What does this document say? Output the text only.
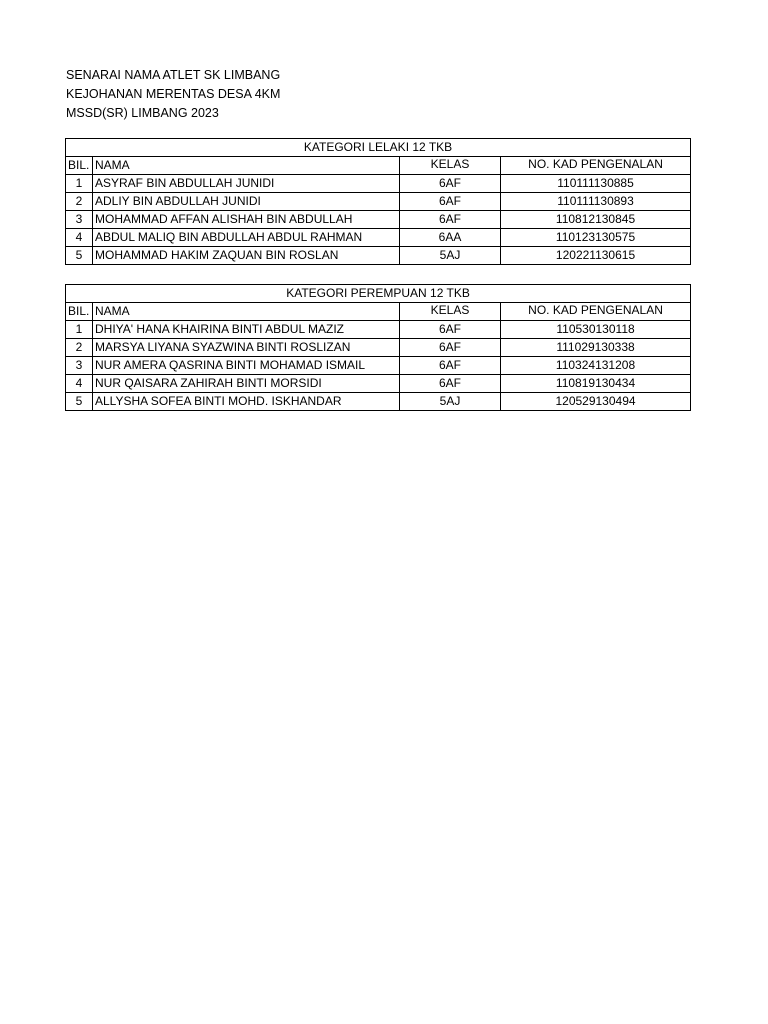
SENARAI NAMA ATLET SK LIMBANG
KEJOHANAN MERENTAS DESA 4KM
MSSD(SR) LIMBANG 2023
KATEGORI LELAKI 12 TKB			
BIL.	NAMA	KELAS	NO. KAD PENGENALAN
1	ASYRAF BIN ABDULLAH JUNIDI	6AF	110111130885
2	ADLIY BIN ABDULLAH JUNIDI	6AF	110111130893
3	MOHAMMAD AFFAN ALISHAH BIN ABDULLAH	6AF	110812130845
4	ABDUL MALIQ BIN ABDULLAH ABDUL RAHMAN	6AA	110123130575
5	MOHAMMAD HAKIM ZAQUAN BIN ROSLAN	5AJ	120221130615
KATEGORI PEREMPUAN 12 TKB			
BIL.	NAMA	KELAS	NO. KAD PENGENALAN
1	DHIYA' HANA KHAIRINA BINTI ABDUL MAZIZ	6AF	110530130118
2	MARSYA LIYANA SYAZWINA BINTI ROSLIZAN	6AF	111029130338
3	NUR AMERA QASRINA BINTI MOHAMAD ISMAIL	6AF	110324131208
4	NUR QAISARA ZAHIRAH BINTI MORSIDI	6AF	110819130434
5	ALLYSHA SOFEA BINTI MOHD. ISKHANDAR	5AJ	120529130494
